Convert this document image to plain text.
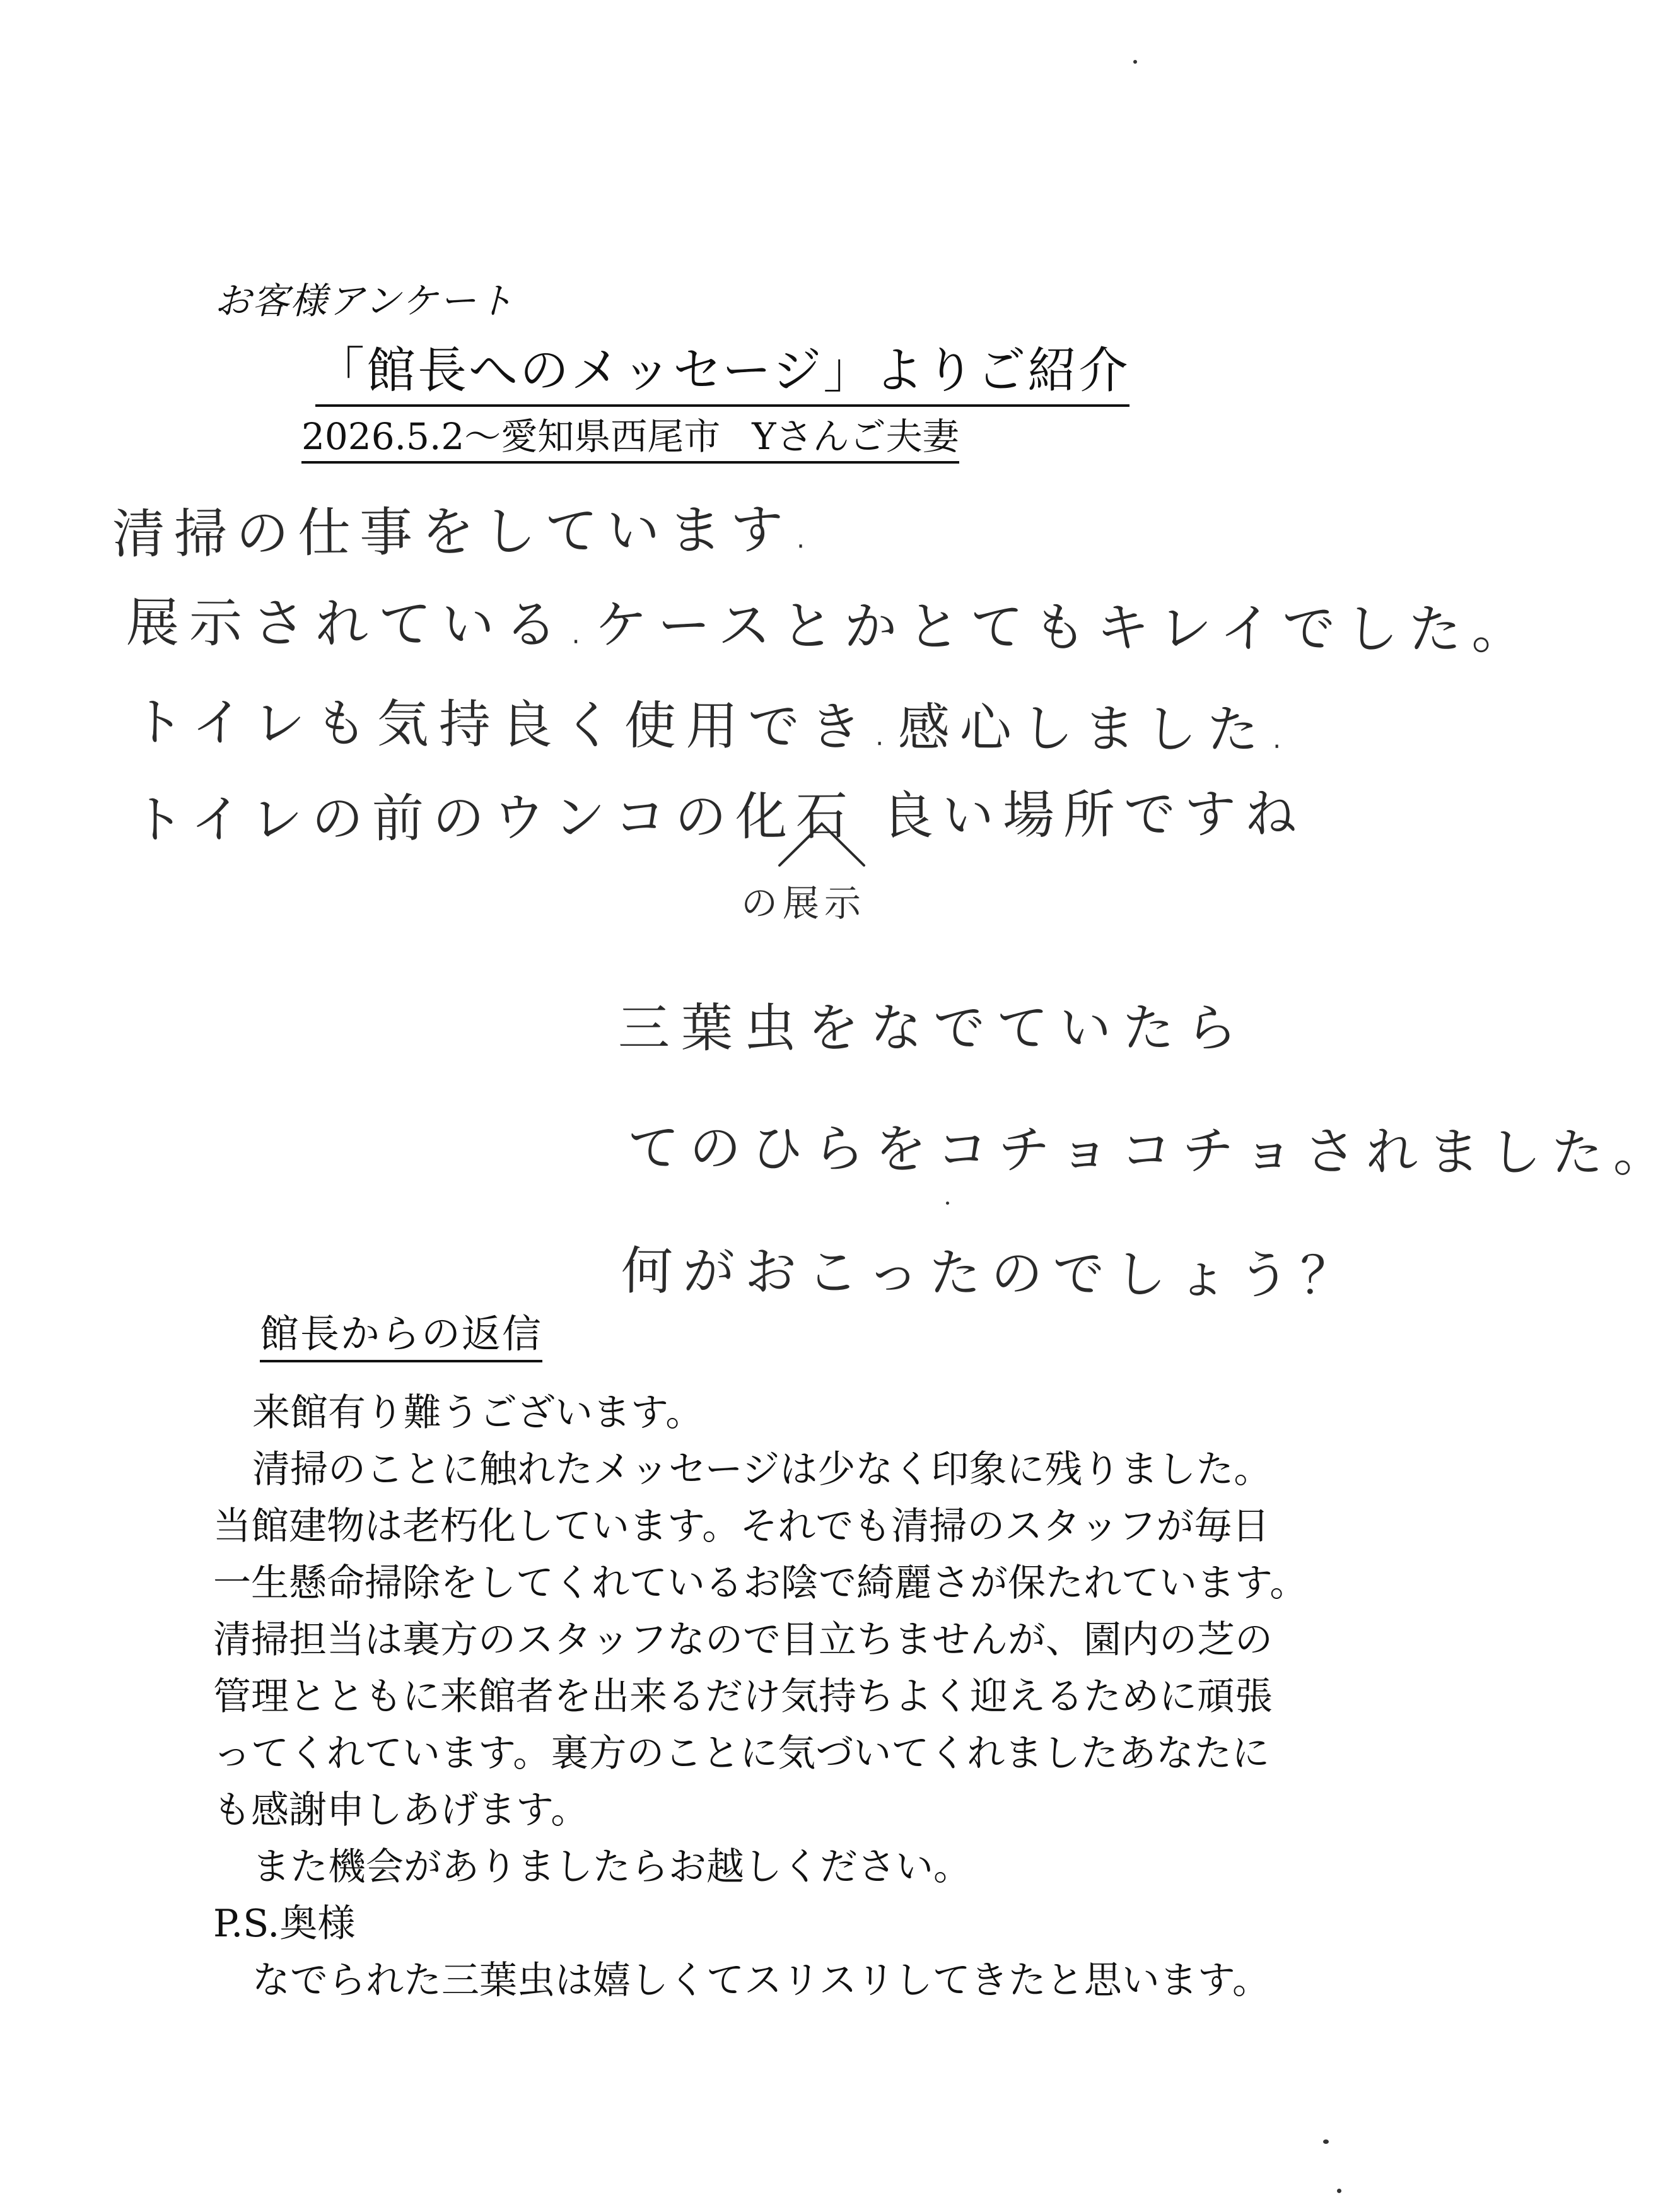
お客様アンケート
「館長へのメッセージ」よりご紹介
2026.5.2～愛知県西尾市 Yさんご夫妻
清掃の仕事をしています.
展示されている.ケースとかとてもキレイでした。
トイレも気持良く使用でき.感心しました.
トイレの前のウンコの化石 良い場所ですね
の展示
三葉虫をなでていたら
てのひらをコチョコチョされました。
何がおこったのでしょう？
館長からの返信

来館有り難うございます。

清掃のことに触れたメッセージは少なく印象に残りました。

当館建物は老朽化しています。それでも清掃のスタッフが毎日

一生懸命掃除をしてくれているお陰で綺麗さが保たれています。

清掃担当は裏方のスタッフなので目立ちませんが、園内の芝の

管理とともに来館者を出来るだけ気持ちよく迎えるために頑張

ってくれています。裏方のことに気づいてくれましたあなたに

も感謝申しあげます。

また機会がありましたらお越しください。

P.S.奥様

なでられた三葉虫は嬉しくてスリスリしてきたと思います。
